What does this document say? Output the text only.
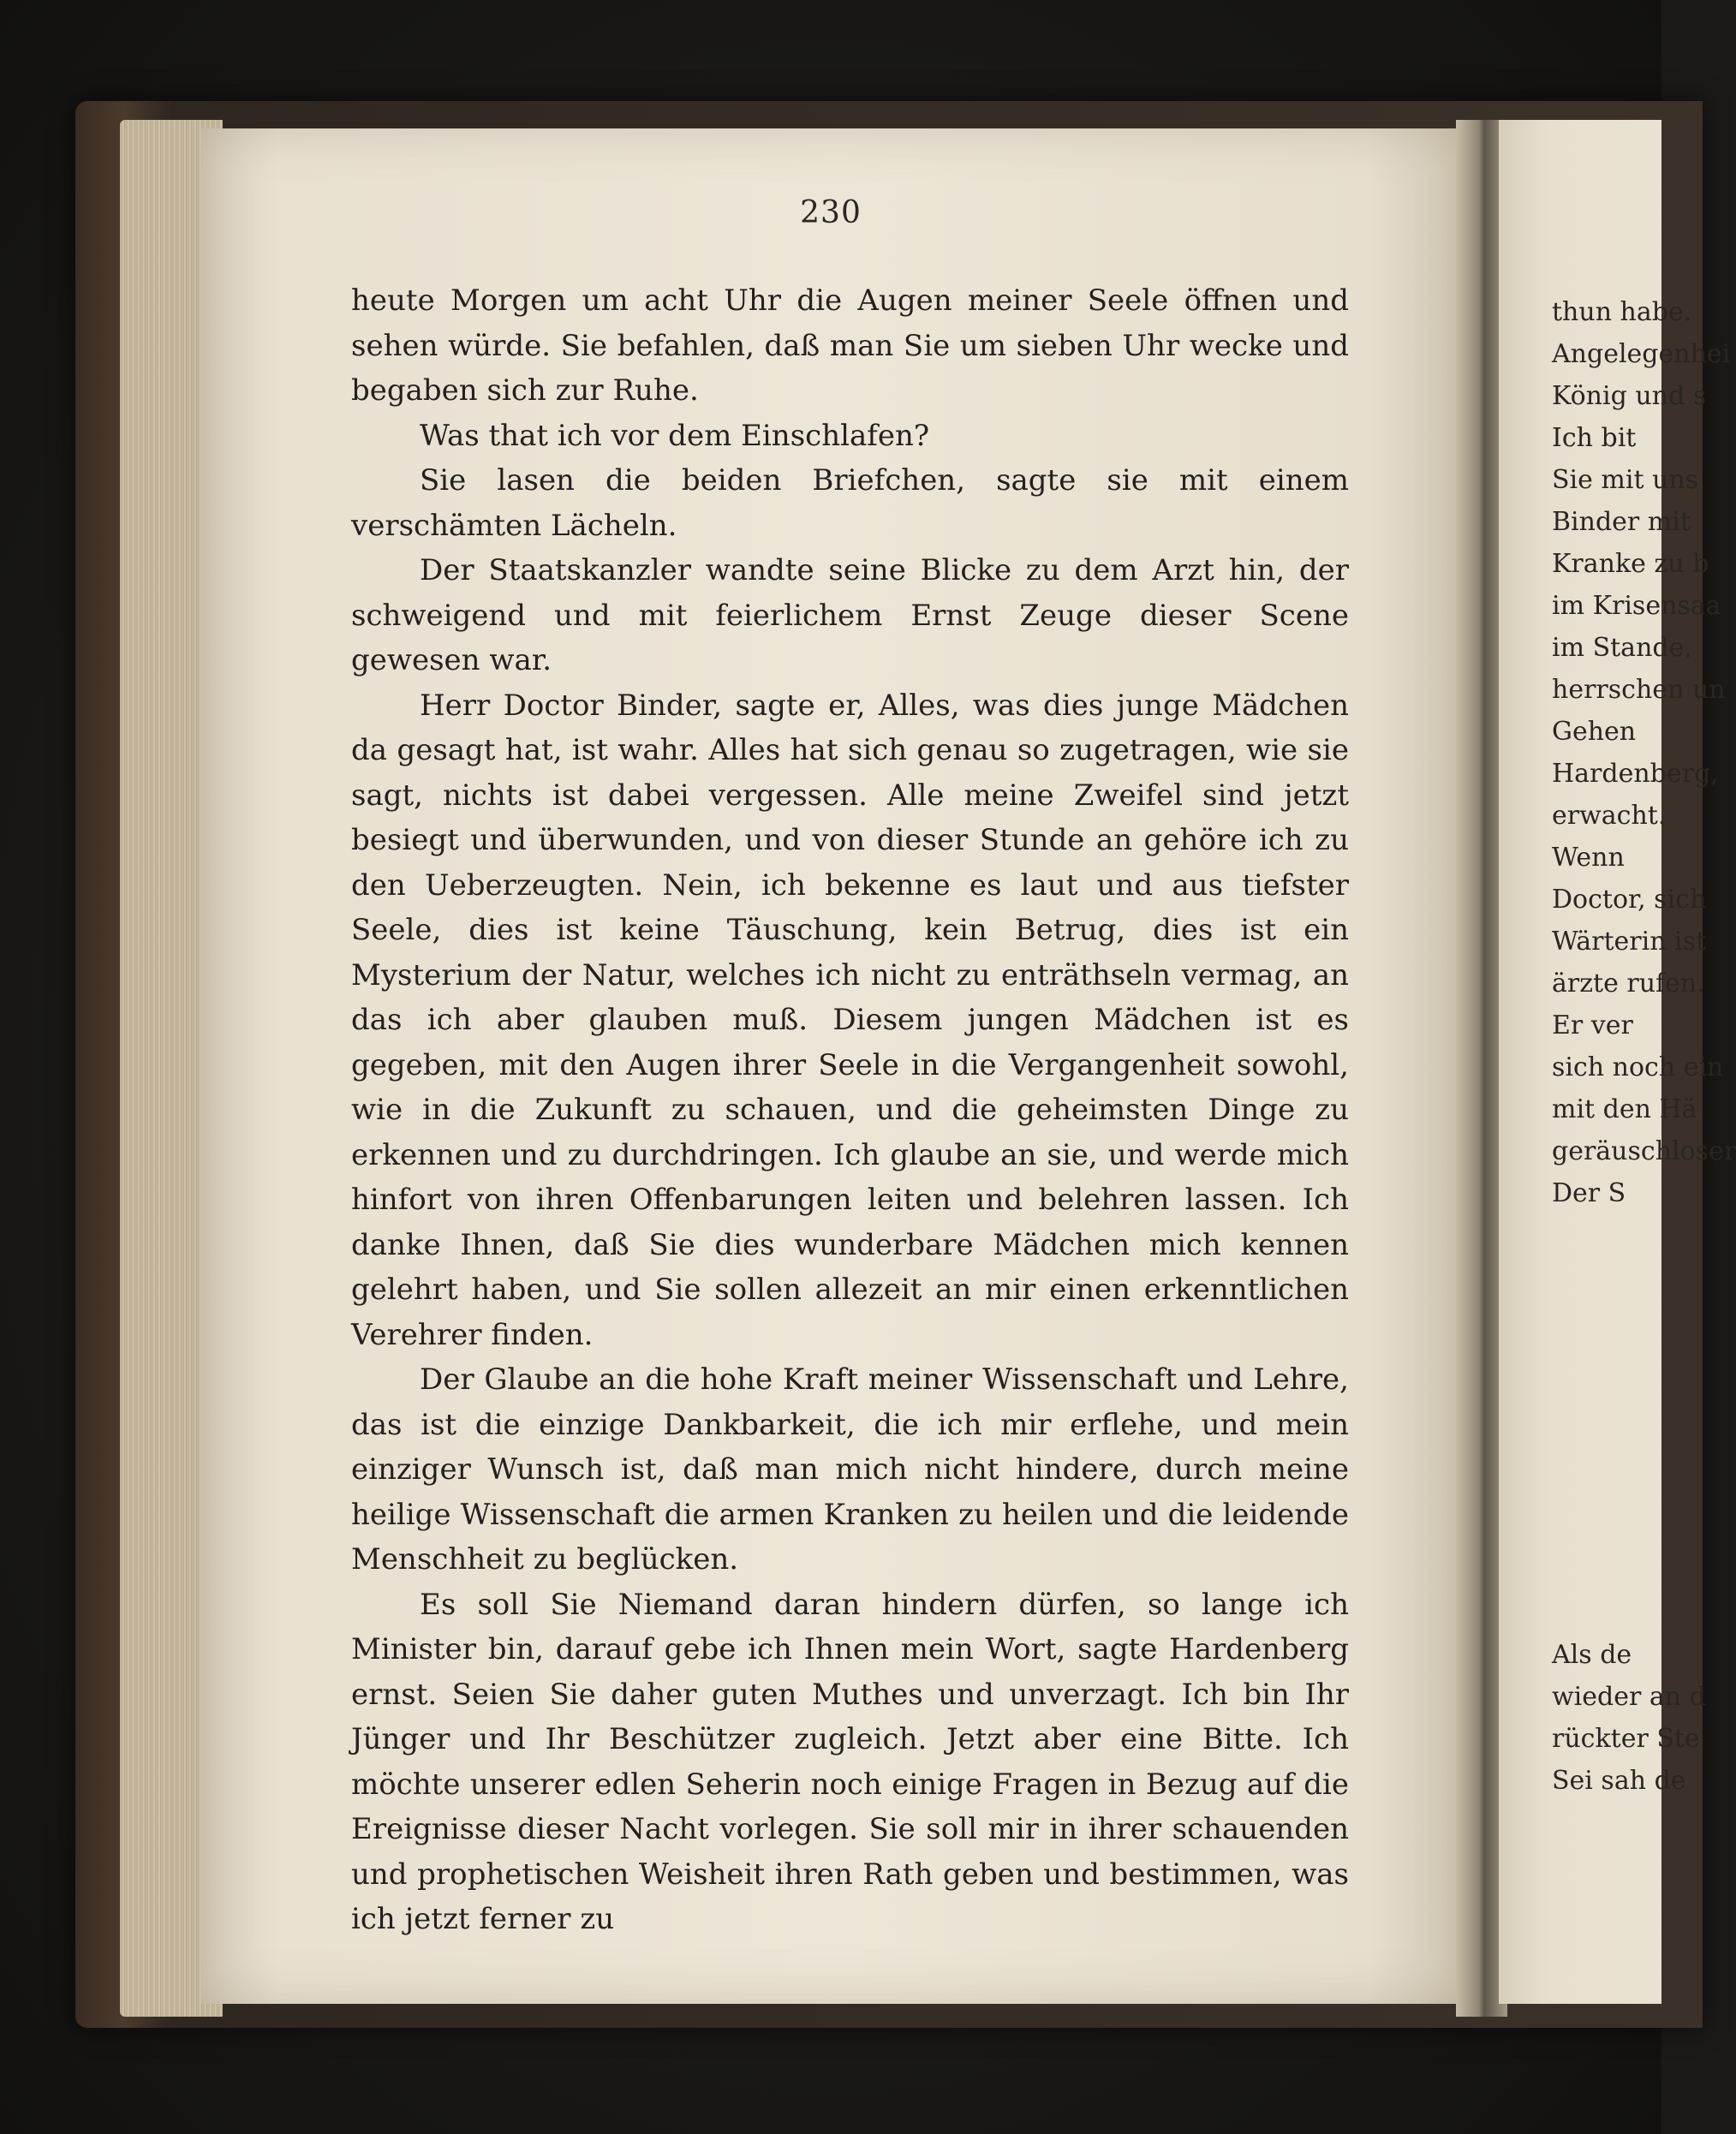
230

heute Morgen um acht Uhr die Augen meiner Seele öffnen und sehen würde. Sie befahlen, daß man Sie um sieben Uhr wecke und begaben sich zur Ruhe.

Was that ich vor dem Einschlafen?

Sie lasen die beiden Briefchen, sagte sie mit einem verschämten Lächeln.

Der Staatskanzler wandte seine Blicke zu dem Arzt hin, der schweigend und mit feierlichem Ernst Zeuge dieser Scene gewesen war.

Herr Doctor Binder, sagte er, Alles, was dies junge Mädchen da gesagt hat, ist wahr. Alles hat sich genau so zugetragen, wie sie sagt, nichts ist dabei vergessen. Alle meine Zweifel sind jetzt besiegt und überwunden, und von dieser Stunde an gehöre ich zu den Ueberzeugten. Nein, ich bekenne es laut und aus tiefster Seele, dies ist keine Täuschung, kein Betrug, dies ist ein Mysterium der Natur, welches ich nicht zu enträthseln vermag, an das ich aber glauben muß. Diesem jungen Mädchen ist es gegeben, mit den Augen ihrer Seele in die Vergangenheit sowohl, wie in die Zukunft zu schauen, und die geheimsten Dinge zu erkennen und zu durchdringen. Ich glaube an sie, und werde mich hinfort von ihren Offenbarungen leiten und belehren lassen. Ich danke Ihnen, daß Sie dies wunderbare Mädchen mich kennen gelehrt haben, und Sie sollen allezeit an mir einen erkenntlichen Verehrer finden.

Der Glaube an die hohe Kraft meiner Wissenschaft und Lehre, das ist die einzige Dankbarkeit, die ich mir erflehe, und mein einziger Wunsch ist, daß man mich nicht hindere, durch meine heilige Wissenschaft die armen Kranken zu heilen und die leidende Menschheit zu beglücken.

Es soll Sie Niemand daran hindern dürfen, so lange ich Minister bin, darauf gebe ich Ihnen mein Wort, sagte Hardenberg ernst. Seien Sie daher guten Muthes und unverzagt. Ich bin Ihr Jünger und Ihr Beschützer zugleich. Jetzt aber eine Bitte. Ich möchte unserer edlen Seherin noch einige Fragen in Bezug auf die Ereignisse dieser Nacht vorlegen. Sie soll mir in ihrer schauenden und prophetischen Weisheit ihren Rath geben und bestimmen, was ich jetzt ferner zu

thun habe.
Angelegenhei
König und s
Ich bit
Sie mit uns
Binder mit
Kranke zu b
im Krisensaa
im Stande,
herrschen un
Gehen
Hardenberg,
erwacht.
Wenn
Doctor, sich
Wärterin ist
ärzte rufen.
Er ver
sich noch ein
mit den Hä
geräuschloser
Der S
Als de
wieder an d
rückter Ste
Sei sah de
